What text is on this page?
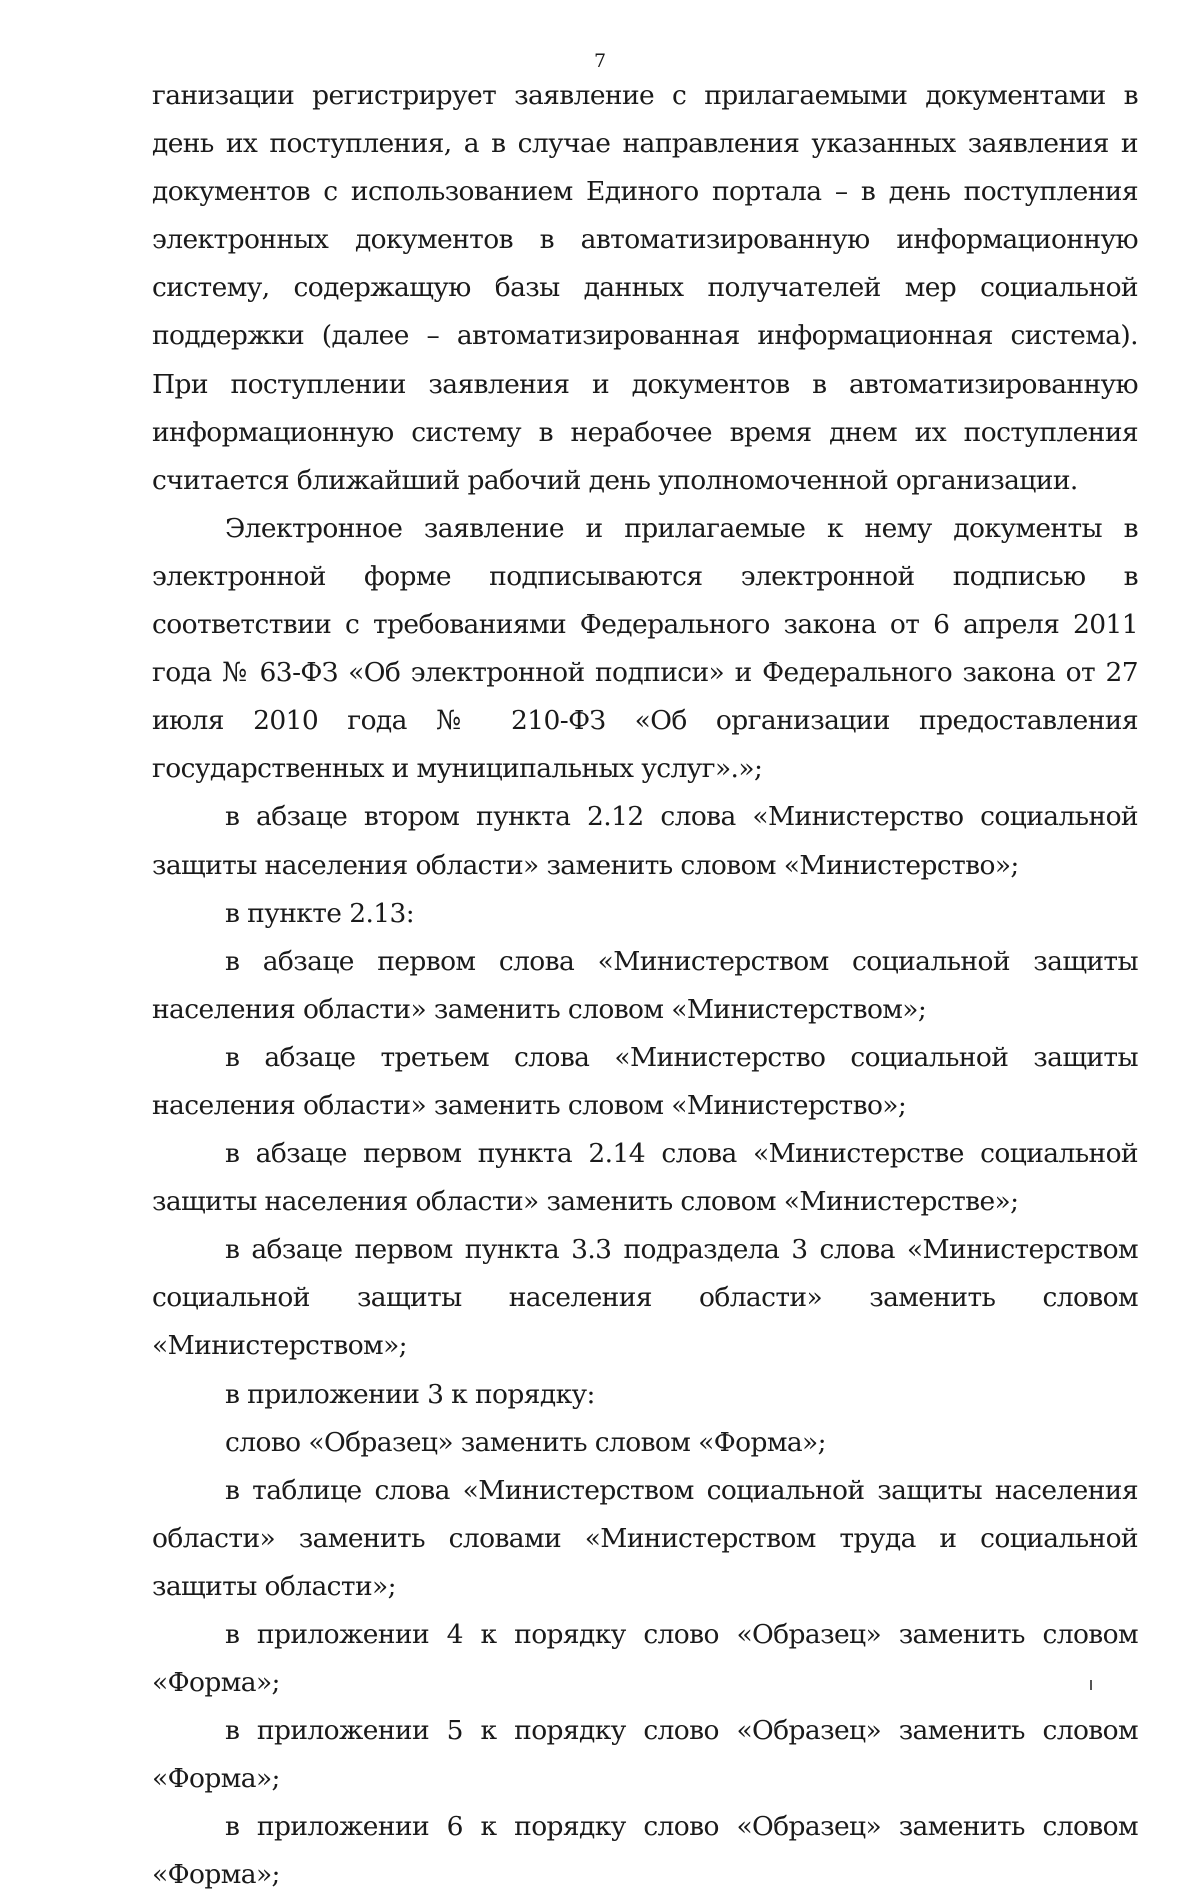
7

ганизации регистрирует заявление с прилагаемыми документами в день их поступления, а в случае направления указанных заявления и документов с использованием Единого портала – в день поступления электронных документов в автоматизированную информационную систему, содержащую базы данных получателей мер социальной поддержки (далее – автоматизированная информационная система). При поступлении заявления и документов в автоматизированную информационную систему в нерабочее время днем их поступления считается ближайший рабочий день уполномоченной организации.

Электронное заявление и прилагаемые к нему документы в электронной форме подписываются электронной подписью в соответствии с требованиями Федерального закона от 6 апреля 2011 года № 63-ФЗ «Об электронной подписи» и Федерального закона от 27 июля 2010 года № 210-ФЗ «Об организации предоставления государственных и муниципальных услуг».»;

в абзаце втором пункта 2.12 слова «Министерство социальной защиты населения области» заменить словом «Министерство»;

в пункте 2.13:

в абзаце первом слова «Министерством социальной защиты населения области» заменить словом «Министерством»;

в абзаце третьем слова «Министерство социальной защиты населения области» заменить словом «Министерство»;

в абзаце первом пункта 2.14 слова «Министерстве социальной защиты населения области» заменить словом «Министерстве»;

в абзаце первом пункта 3.3 подраздела 3 слова «Министерством социальной защиты населения области» заменить словом «Министерством»;

в приложении 3 к порядку:

слово «Образец» заменить словом «Форма»;

в таблице слова «Министерством социальной защиты населения области» заменить словами «Министерством труда и социальной защиты области»;

в приложении 4 к порядку слово «Образец» заменить словом «Форма»;

в приложении 5 к порядку слово «Образец» заменить словом «Форма»;

в приложении 6 к порядку слово «Образец» заменить словом «Форма»;
